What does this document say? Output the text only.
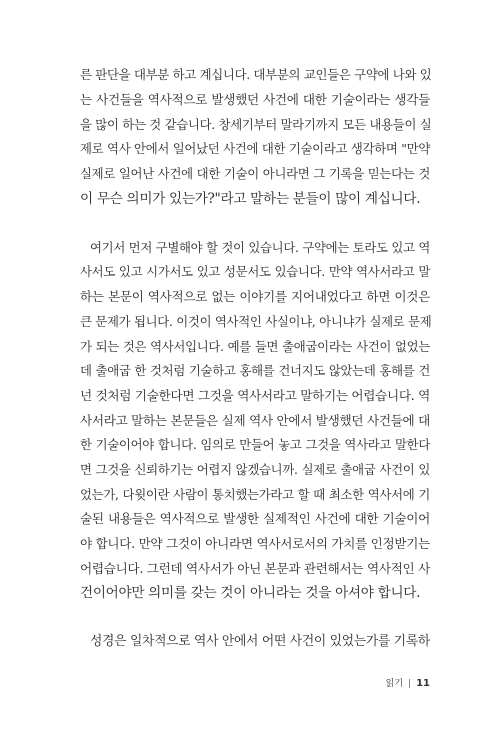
른 판단을 대부분 하고 계십니다. 대부분의 교인들은 구약에 나와 있
는 사건들을 역사적으로 발생했던 사건에 대한 기술이라는 생각들
을 많이 하는 것 같습니다. 창세기부터 말라기까지 모든 내용들이 실
제로 역사 안에서 일어났던 사건에 대한 기술이라고 생각하며 "만약
실제로 일어난 사건에 대한 기술이 아니라면 그 기록을 믿는다는 것
이 무슨 의미가 있는가?"라고 말하는 분들이 많이 계십니다.
여기서 먼저 구별해야 할 것이 있습니다. 구약에는 토라도 있고 역
사서도 있고 시가서도 있고 성문서도 있습니다. 만약 역사서라고 말
하는 본문이 역사적으로 없는 이야기를 지어내었다고 하면 이것은
큰 문제가 됩니다. 이것이 역사적인 사실이냐, 아니냐가 실제로 문제
가 되는 것은 역사서입니다. 예를 들면 출애굽이라는 사건이 없었는
데 출애굽 한 것처럼 기술하고 홍해를 건너지도 않았는데 홍해를 건
넌 것처럼 기술한다면 그것을 역사서라고 말하기는 어렵습니다. 역
사서라고 말하는 본문들은 실제 역사 안에서 발생했던 사건들에 대
한 기술이어야 합니다. 임의로 만들어 놓고 그것을 역사라고 말한다
면 그것을 신뢰하기는 어렵지 않겠습니까. 실제로 출애굽 사건이 있
었는가, 다윗이란 사람이 통치했는가라고 할 때 최소한 역사서에 기
술된 내용들은 역사적으로 발생한 실제적인 사건에 대한 기술이어
야 합니다. 만약 그것이 아니라면 역사서로서의 가치를 인정받기는
어렵습니다. 그런데 역사서가 아닌 본문과 관련해서는 역사적인 사
건이어야만 의미를 갖는 것이 아니라는 것을 아셔야 합니다.
성경은 일차적으로 역사 안에서 어떤 사건이 있었는가를 기록하
읽기 | 11
